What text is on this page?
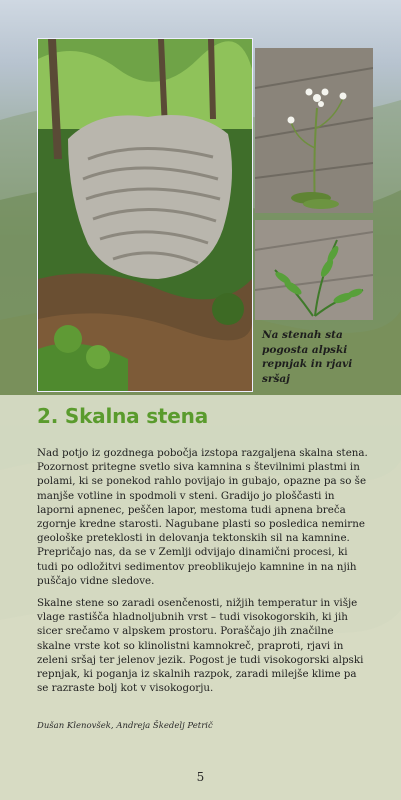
Na stenah sta pogosta alpski repnjak in rjavi sršaj

2. Skalna stena

Nad potjo iz gozdnega pobočja izstopa razgaljena skalna stena. Pozornost pritegne svetlo siva kamnina s številnimi plastmi in polami, ki se ponekod rahlo povijajo in gubajo, opazne pa so še manjše votline in spodmoli v steni. Gradijo jo ploščasti in laporni apnenec, peščen lapor, mestoma tudi apnena breča zgornje kredne starosti. Nagubane plasti so posledica nemirne geološke preteklosti in delovanja tektonskih sil na kamnine. Prepričajo nas, da se v Zemlji odvijajo dinamični procesi, ki tudi po odložitvi sedimentov preoblikujejo kamnine in na njih puščajo vidne sledove.

Skalne stene so zaradi osenčenosti, nižjih temperatur in višje vlage rastišča hladnoljubnih vrst – tudi visokogorskih, ki jih sicer srečamo v alpskem prostoru. Poraščajo jih značilne skalne vrste kot so klinolistni kamnokreč, praproti, rjavi in zeleni sršaj ter jelenov jezik. Pogost je tudi visokogorski alpski repnjak, ki poganja iz skalnih razpok, zaradi milejše klime pa se razraste bolj kot v visokogorju.

Dušan Klenovšek, Andreja Škedelj Petrič

5
